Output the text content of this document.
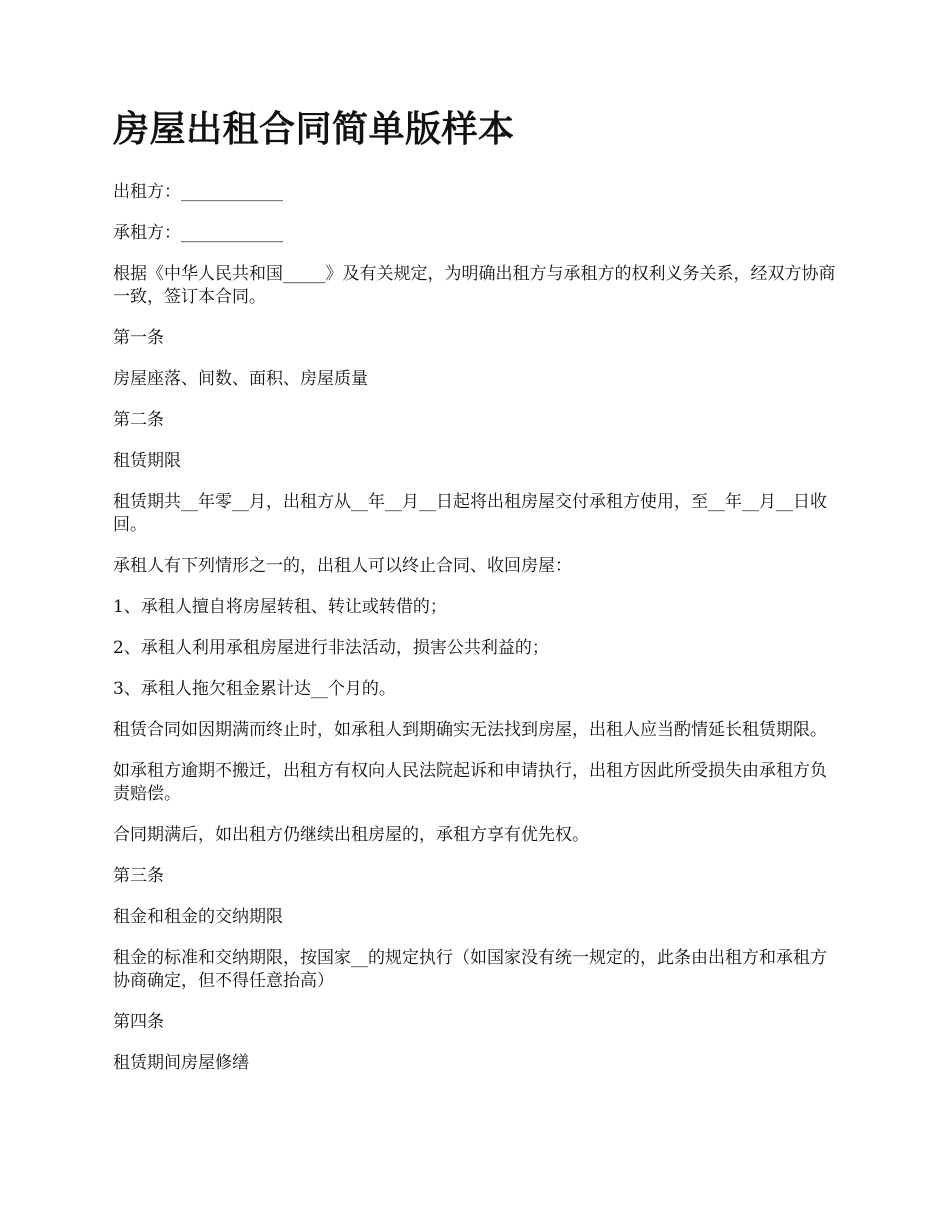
房屋出租合同简单版样本

出租方：____________

承租方：____________

根据《中华人民共和国_____》及有关规定，为明确出租方与承租方的权利义务关系，经双方协商一致，签订本合同。

第一条

房屋座落、间数、面积、房屋质量

第二条

租赁期限

租赁期共__年零__月，出租方从__年__月__日起将出租房屋交付承租方使用，至__年__月__日收回。

承租人有下列情形之一的，出租人可以终止合同、收回房屋：

1、承租人擅自将房屋转租、转让或转借的；

2、承租人利用承租房屋进行非法活动，损害公共利益的；

3、承租人拖欠租金累计达__个月的。

租赁合同如因期满而终止时，如承租人到期确实无法找到房屋，出租人应当酌情延长租赁期限。

如承租方逾期不搬迁，出租方有权向人民法院起诉和申请执行，出租方因此所受损失由承租方负责赔偿。

合同期满后，如出租方仍继续出租房屋的，承租方享有优先权。

第三条

租金和租金的交纳期限

租金的标准和交纳期限，按国家__的规定执行（如国家没有统一规定的，此条由出租方和承租方协商确定，但不得任意抬高）

第四条

租赁期间房屋修缮
